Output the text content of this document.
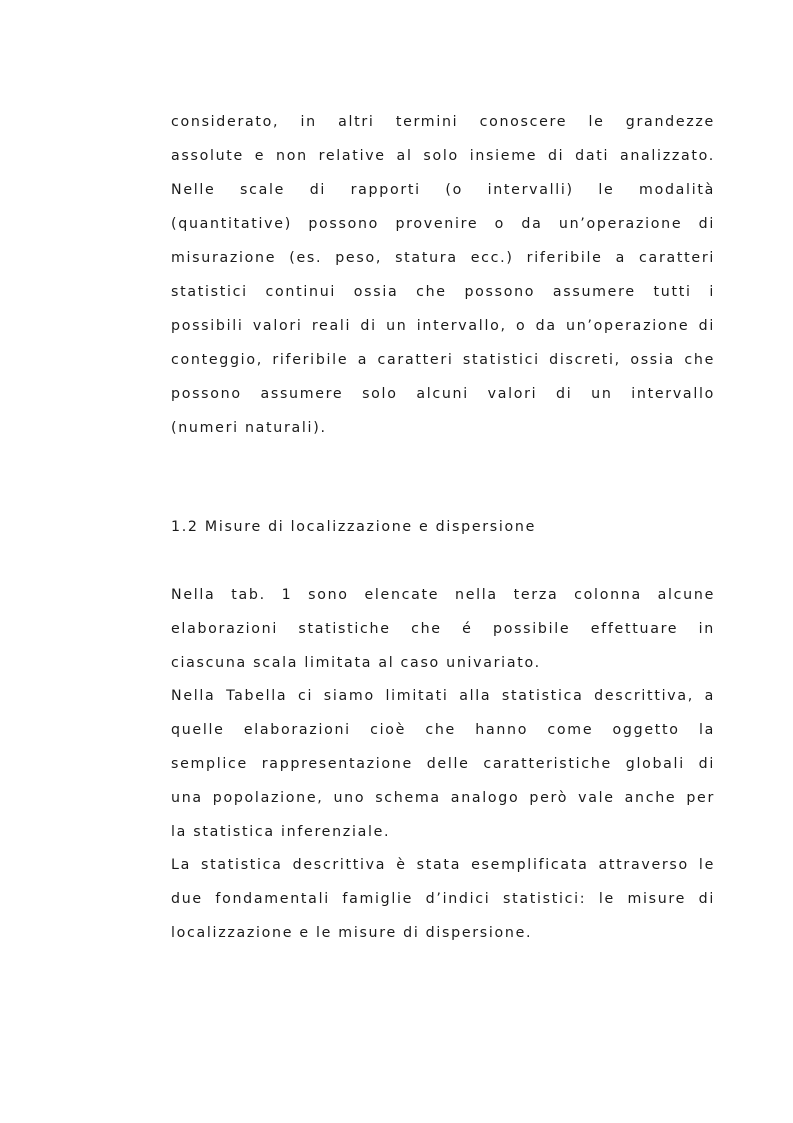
considerato, in altri termini conoscere le grandezze
assolute e non relative al solo insieme di dati analizzato.
Nelle scale di rapporti (o intervalli) le modalità
(quantitative) possono provenire o da un’operazione di
misurazione (es. peso, statura ecc.) riferibile a caratteri
statistici continui ossia che possono assumere tutti i
possibili valori reali di un intervallo, o da un’operazione di
conteggio, riferibile a caratteri statistici discreti, ossia che
possono assumere solo alcuni valori di un intervallo
(numeri naturali).
1.2 Misure di localizzazione e dispersione
Nella tab. 1 sono elencate nella terza colonna alcune
elaborazioni statistiche che é possibile effettuare in
ciascuna scala limitata al caso univariato.
Nella Tabella ci siamo limitati alla statistica descrittiva, a
quelle elaborazioni cioè che hanno come oggetto la
semplice rappresentazione delle caratteristiche globali di
una popolazione, uno schema analogo però vale anche per
la statistica inferenziale.
La statistica descrittiva è stata esemplificata attraverso le
due fondamentali famiglie d’indici statistici: le misure di
localizzazione e le misure di dispersione.
